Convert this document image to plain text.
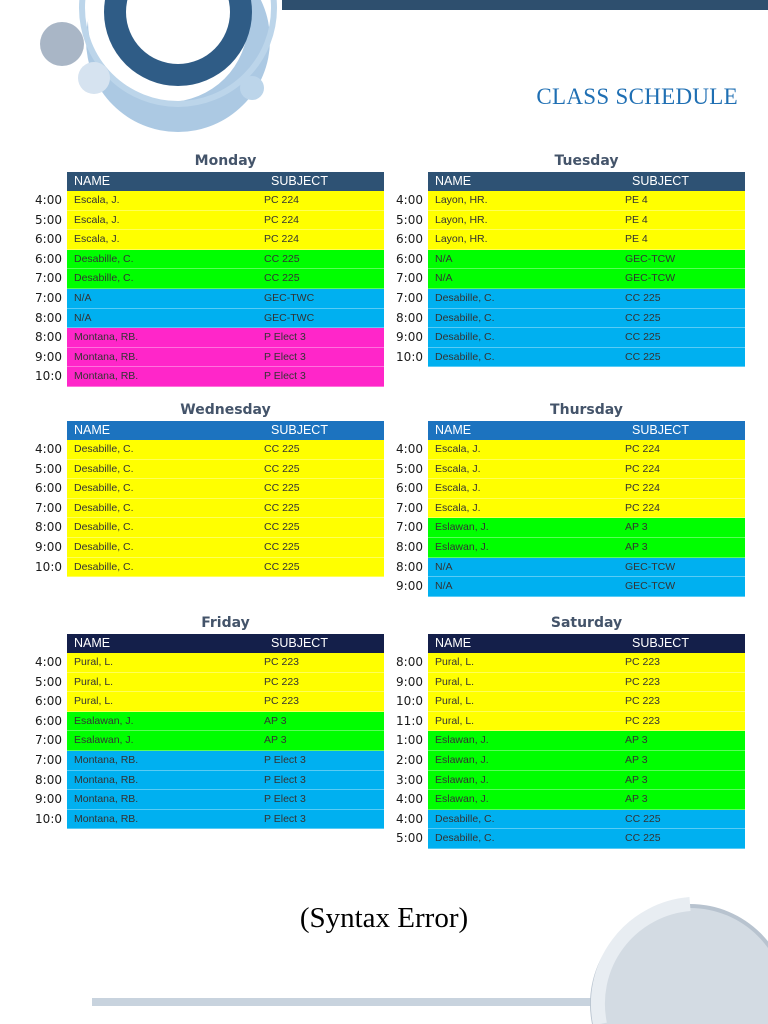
CLASS SCHEDULE
Monday
NAME	SUBJECT
4:00	Escala, J.	PC 224
5:00	Escala, J.	PC 224
6:00	Escala, J.	PC 224
6:00	Desabille, C.	CC 225
7:00	Desabille, C.	CC 225
7:00	N/A	GEC-TWC
8:00	N/A	GEC-TWC
8:00	Montana, RB.	P Elect 3
9:00	Montana, RB.	P Elect 3
10:0	Montana, RB.	P Elect 3
Tuesday
NAME	SUBJECT
4:00	Layon, HR.	PE 4
5:00	Layon, HR.	PE 4
6:00	Layon, HR.	PE 4
6:00	N/A	GEC-TCW
7:00	N/A	GEC-TCW
7:00	Desabille, C.	CC 225
8:00	Desabille, C.	CC 225
9:00	Desabille, C.	CC 225
10:0	Desabille, C.	CC 225
Wednesday
NAME	SUBJECT
4:00	Desabille, C.	CC 225
5:00	Desabille, C.	CC 225
6:00	Desabille, C.	CC 225
7:00	Desabille, C.	CC 225
8:00	Desabille, C.	CC 225
9:00	Desabille, C.	CC 225
10:0	Desabille, C.	CC 225
Thursday
NAME	SUBJECT
4:00	Escala, J.	PC 224
5:00	Escala, J.	PC 224
6:00	Escala, J.	PC 224
7:00	Escala, J.	PC 224
7:00	Eslawan, J.	AP 3
8:00	Eslawan, J.	AP 3
8:00	N/A	GEC-TCW
9:00	N/A	GEC-TCW
Friday
NAME	SUBJECT
4:00	Pural, L.	PC 223
5:00	Pural, L.	PC 223
6:00	Pural, L.	PC 223
6:00	Esalawan, J.	AP 3
7:00	Esalawan, J.	AP 3
7:00	Montana, RB.	P Elect 3
8:00	Montana, RB.	P Elect 3
9:00	Montana, RB.	P Elect 3
10:0	Montana, RB.	P Elect 3
Saturday
NAME	SUBJECT
8:00	Pural, L.	PC 223
9:00	Pural, L.	PC 223
10:0	Pural, L.	PC 223
11:0	Pural, L.	PC 223
1:00	Eslawan, J.	AP 3
2:00	Eslawan, J.	AP 3
3:00	Eslawan, J.	AP 3
4:00	Eslawan, J.	AP 3
4:00	Desabille, C.	CC 225
5:00	Desabille, C.	CC 225
(Syntax Error)
